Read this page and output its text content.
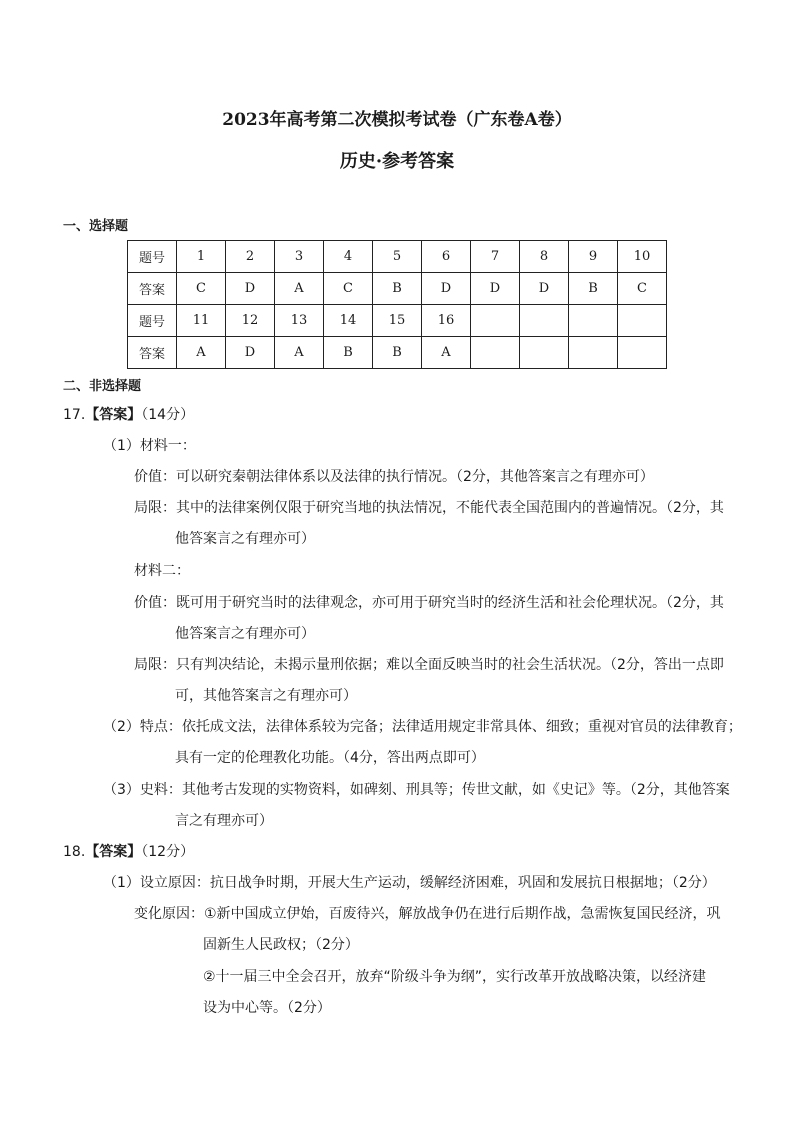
2023年高考第二次模拟考试卷（广东卷A卷）
历史·参考答案
一、选择题
题号	1	2	3	4	5	6	7	8	9	10
答案	C	D	A	C	B	D	D	D	B	C
题号	11	12	13	14	15	16				
答案	A	D	A	B	B	A				
二、非选择题
17.【答案】（14分）
（1）材料一：
价值：可以研究秦朝法律体系以及法律的执行情况。（2分，其他答案言之有理亦可）
局限：其中的法律案例仅限于研究当地的执法情况，不能代表全国范围内的普遍情况。（2分，其
他答案言之有理亦可）
材料二：
价值：既可用于研究当时的法律观念，亦可用于研究当时的经济生活和社会伦理状况。（2分，其
他答案言之有理亦可）
局限：只有判决结论，未揭示量刑依据；难以全面反映当时的社会生活状况。（2分，答出一点即
可，其他答案言之有理亦可）
（2）特点：依托成文法，法律体系较为完备；法律适用规定非常具体、细致；重视对官员的法律教育；
具有一定的伦理教化功能。（4分，答出两点即可）
（3）史料：其他考古发现的实物资料，如碑刻、刑具等；传世文献，如《史记》等。（2分，其他答案
言之有理亦可）
18.【答案】（12分）
（1）设立原因：抗日战争时期，开展大生产运动，缓解经济困难，巩固和发展抗日根据地；（2分）
变化原因：①新中国成立伊始，百废待兴，解放战争仍在进行后期作战，急需恢复国民经济，巩
固新生人民政权；（2分）
②十一届三中全会召开，放弃“阶级斗争为纲”，实行改革开放战略决策，以经济建
设为中心等。（2分）
